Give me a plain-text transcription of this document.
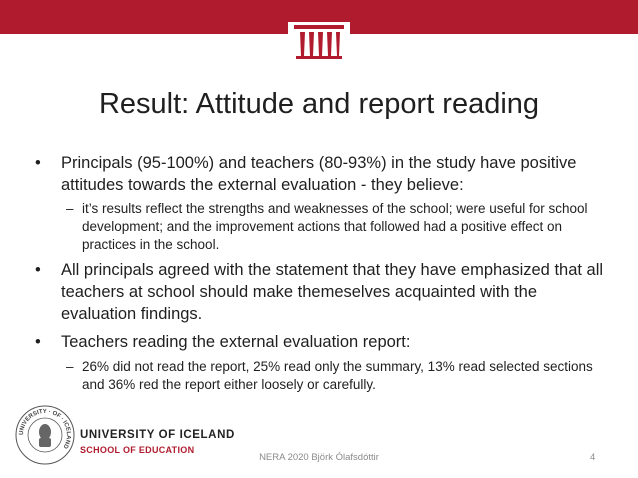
Result: Attitude and report reading
• Principals (95-100%) and teachers (80-93%) in the study have positive attitudes towards the external evaluation - they believe:
– it’s results reflect the strengths and weaknesses of the school; were useful for school development; and the improvement actions that followed had a positive effect on practices in the school.
• All principals agreed with the statement that they have emphasized that all teachers at school should make themeselves acquainted with the evaluation findings.
• Teachers reading the external evaluation report:
– 26% did not read the report, 25% read only the summary, 13% read selected sections and 36% red the report either loosely or carefully.
UNIVERSITY · OF · ICELAND
UNIVERSITY OF ICELAND
SCHOOL OF EDUCATION
NERA 2020 Björk Ólafsdóttir	4
